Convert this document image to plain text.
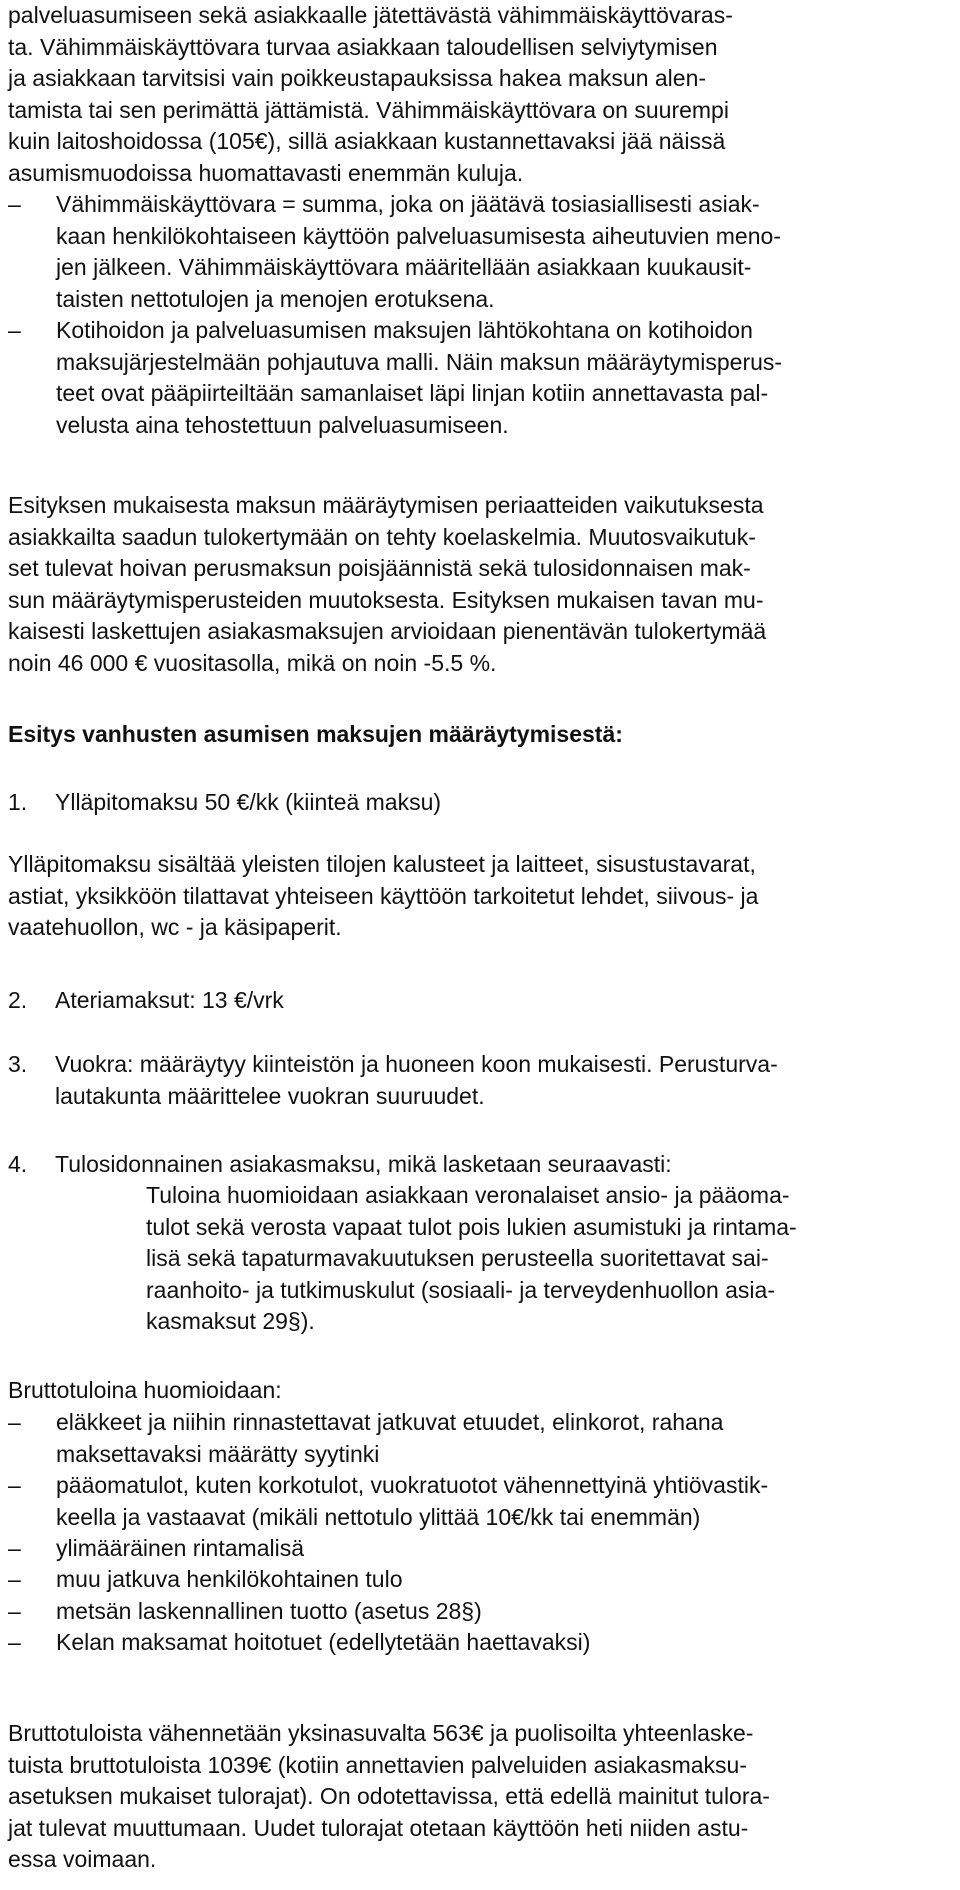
palveluasumiseen sekä asiakkaalle jätettävästä vähimmäiskäyttövaras-
ta. Vähimmäiskäyttövara turvaa asiakkaan taloudellisen selviytymisen
ja asiakkaan tarvitsisi vain poikkeustapauksissa hakea maksun alen-
tamista tai sen perimättä jättämistä. Vähimmäiskäyttövara on suurempi
kuin laitoshoidossa (105€), sillä asiakkaan kustannettavaksi jää näissä
asumismuodoissa huomattavasti enemmän kuluja.
–	Vähimmäiskäyttövara = summa, joka on jäätävä tosiasiallisesti asiak-
kaan henkilökohtaiseen käyttöön palveluasumisesta aiheutuvien meno-
jen jälkeen. Vähimmäiskäyttövara määritellään asiakkaan kuukausit-
taisten nettotulojen ja menojen erotuksena.
–	Kotihoidon ja palveluasumisen maksujen lähtökohtana on kotihoidon
maksujärjestelmään pohjautuva malli. Näin maksun määräytymisperus-
teet ovat pääpiirteiltään samanlaiset läpi linjan kotiin annettavasta pal-
velusta aina tehostettuun palveluasumiseen.
Esityksen mukaisesta maksun määräytymisen periaatteiden vaikutuksesta
asiakkailta saadun tulokertymään on tehty koelaskelmia. Muutosvaikutuk-
set tulevat hoivan perusmaksun poisjäännistä sekä tulosidonnaisen mak-
sun määräytymisperusteiden muutoksesta. Esityksen mukaisen tavan mu-
kaisesti laskettujen asiakasmaksujen arvioidaan pienentävän tulokertymää
noin 46 000 € vuositasolla, mikä on noin -5.5 %.
Esitys vanhusten asumisen maksujen määräytymisestä:
1. Ylläpitomaksu 50 €/kk (kiinteä maksu)
Ylläpitomaksu sisältää yleisten tilojen kalusteet ja laitteet, sisustustavarat,
astiat, yksikköön tilattavat yhteiseen käyttöön tarkoitetut lehdet, siivous- ja
vaatehuollon, wc - ja käsipaperit.
2. Ateriamaksut: 13 €/vrk
3. Vuokra: määräytyy kiinteistön ja huoneen koon mukaisesti. Perusturva-
lautakunta määrittelee vuokran suuruudet.
4. Tulosidonnainen asiakasmaksu, mikä lasketaan seuraavasti:
Tuloina huomioidaan asiakkaan veronalaiset ansio- ja pääoma-
tulot sekä verosta vapaat tulot pois lukien asumistuki ja rintama-
lisä sekä tapaturmavakuutuksen perusteella suoritettavat sai-
raanhoito- ja tutkimuskulut (sosiaali- ja terveydenhuollon asia-
kasmaksut 29§).
Bruttotuloina huomioidaan:
–	eläkkeet ja niihin rinnastettavat jatkuvat etuudet, elinkorot, rahana
maksettavaksi määrätty syytinki
–	pääomatulot, kuten korkotulot, vuokratuotot vähennettyinä yhtiövastik-
keella ja vastaavat (mikäli nettotulo ylittää 10€/kk tai enemmän)
–	ylimääräinen rintamalisä
–	muu jatkuva henkilökohtainen tulo
–	metsän laskennallinen tuotto (asetus 28§)
–	Kelan maksamat hoitotuet (edellytetään haettavaksi)
Bruttotuloista vähennetään yksinasuvalta 563€ ja puolisoilta yhteenlaske-
tuista bruttotuloista 1039€ (kotiin annettavien palveluiden asiakasmaksu-
asetuksen mukaiset tulorajat). On odotettavissa, että edellä mainitut tulora-
jat tulevat muuttumaan. Uudet tulorajat otetaan käyttöön heti niiden astu-
essa voimaan.
